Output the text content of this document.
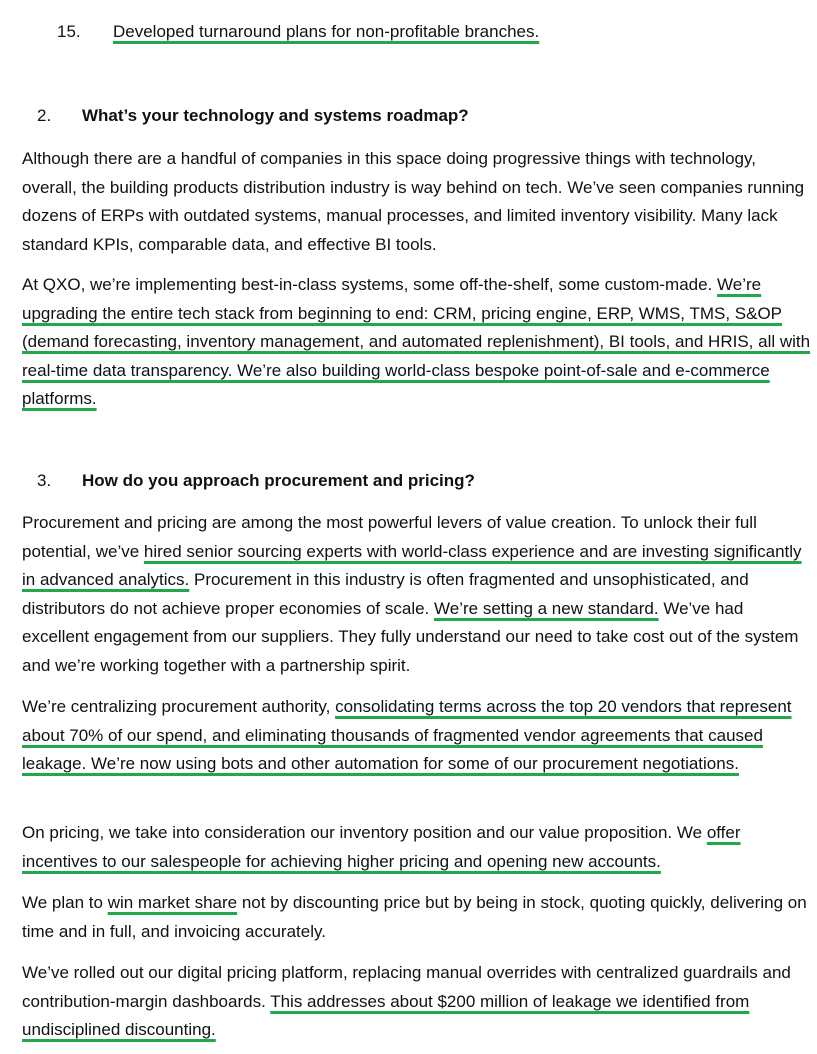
15. Developed turnaround plans for non-profitable branches.
2. What’s your technology and systems roadmap?

Although there are a handful of companies in this space doing progressive things with technology, overall, the building products distribution industry is way behind on tech. We’ve seen companies running dozens of ERPs with outdated systems, manual processes, and limited inventory visibility. Many lack standard KPIs, comparable data, and effective BI tools.

At QXO, we’re implementing best-in-class systems, some off-the-shelf, some custom-made. We’re upgrading the entire tech stack from beginning to end: CRM, pricing engine, ERP, WMS, TMS, S&OP (demand forecasting, inventory management, and automated replenishment), BI tools, and HRIS, all with real-time data transparency. We’re also building world-class bespoke point-of-sale and e-commerce platforms.

3. How do you approach procurement and pricing?

Procurement and pricing are among the most powerful levers of value creation. To unlock their full potential, we’ve hired senior sourcing experts with world-class experience and are investing significantly in advanced analytics. Procurement in this industry is often fragmented and unsophisticated, and distributors do not achieve proper economies of scale. We’re setting a new standard. We’ve had excellent engagement from our suppliers. They fully understand our need to take cost out of the system and we’re working together with a partnership spirit.

We’re centralizing procurement authority, consolidating terms across the top 20 vendors that represent about 70% of our spend, and eliminating thousands of fragmented vendor agreements that caused leakage. We’re now using bots and other automation for some of our procurement negotiations.

On pricing, we take into consideration our inventory position and our value proposition. We offer incentives to our salespeople for achieving higher pricing and opening new accounts.

We plan to win market share not by discounting price but by being in stock, quoting quickly, delivering on time and in full, and invoicing accurately.

We’ve rolled out our digital pricing platform, replacing manual overrides with centralized guardrails and contribution-margin dashboards. This addresses about $200 million of leakage we identified from undisciplined discounting.
